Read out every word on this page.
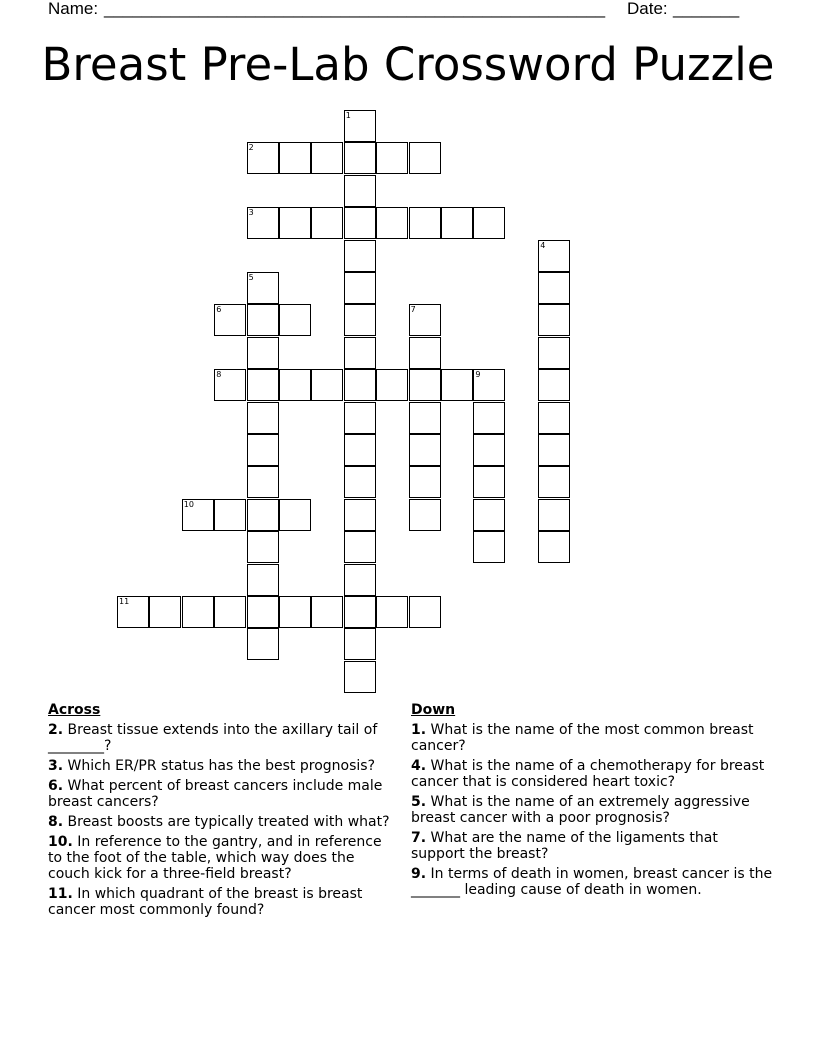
Name: _____________________________________________________ Date: _______
Breast Pre-Lab Crossword Puzzle
1
2
3
4
5
6	7
8	9
10
11
Across
2. Breast tissue extends into the axillary tail of ________?
3. Which ER/PR status has the best prognosis?
6. What percent of breast cancers include male breast cancers?
8. Breast boosts are typically treated with what?
10. In reference to the gantry, and in reference to the foot of the table, which way does the couch kick for a three-field breast?
11. In which quadrant of the breast is breast cancer most commonly found?
Down
1. What is the name of the most common breast cancer?
4. What is the name of a chemotherapy for breast cancer that is considered heart toxic?
5. What is the name of an extremely aggressive breast cancer with a poor prognosis?
7. What are the name of the ligaments that support the breast?
9. In terms of death in women, breast cancer is the _______ leading cause of death in women.
